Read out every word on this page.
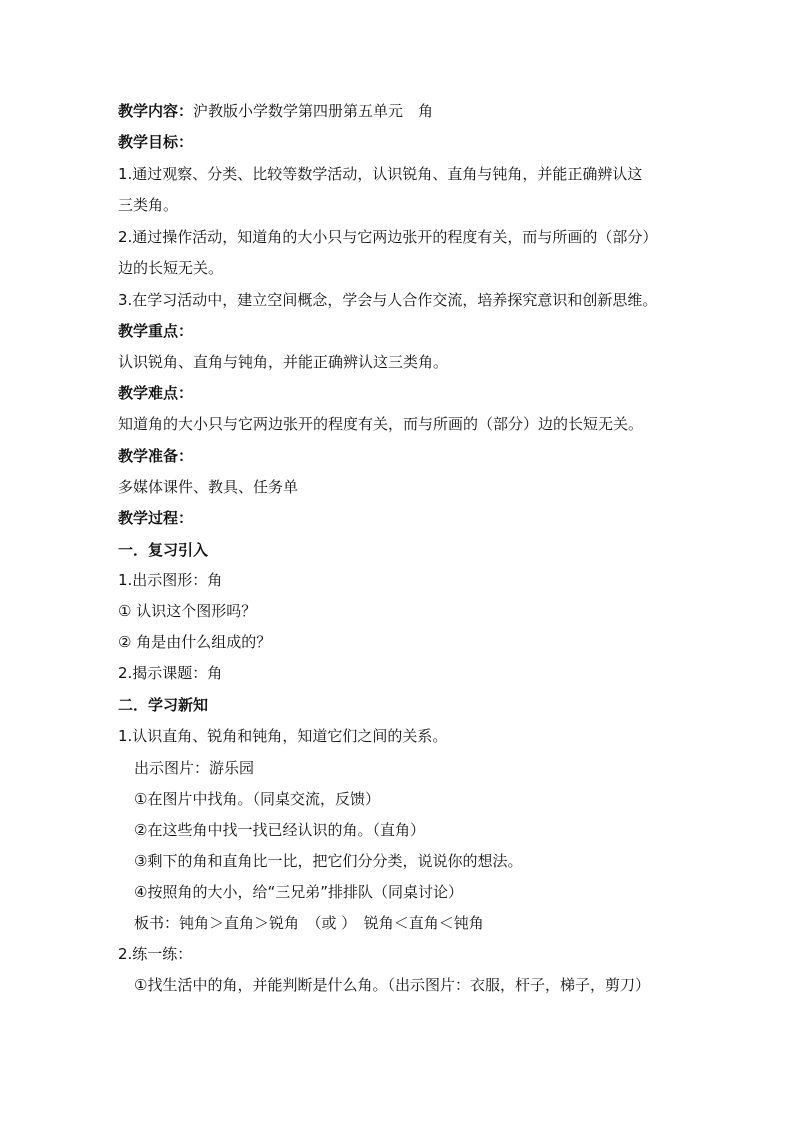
教学内容：沪教版小学数学第四册第五单元　角
教学目标：
1.通过观察、分类、比较等数学活动，认识锐角、直角与钝角，并能正确辨认这
三类角。
2.通过操作活动，知道角的大小只与它两边张开的程度有关，而与所画的（部分）
边的长短无关。
3.在学习活动中，建立空间概念，学会与人合作交流，培养探究意识和创新思维。
教学重点：
认识锐角、直角与钝角，并能正确辨认这三类角。
教学难点：
知道角的大小只与它两边张开的程度有关，而与所画的（部分）边的长短无关。
教学准备：
多媒体课件、教具、任务单
教学过程：
一．复习引入
1.出示图形：角
① 认识这个图形吗？
② 角是由什么组成的？
2.揭示课题：角
二．学习新知
1.认识直角、锐角和钝角，知道它们之间的关系。
出示图片：游乐园
①在图片中找角。（同桌交流，反馈）
②在这些角中找一找已经认识的角。（直角）
③剩下的角和直角比一比，把它们分分类，说说你的想法。
④按照角的大小，给“三兄弟”排排队（同桌讨论）
板书：钝角＞直角＞锐角　（或 ）　锐角＜直角＜钝角
2.练一练：
①找生活中的角，并能判断是什么角。（出示图片：衣服，杆子，梯子，剪刀）
